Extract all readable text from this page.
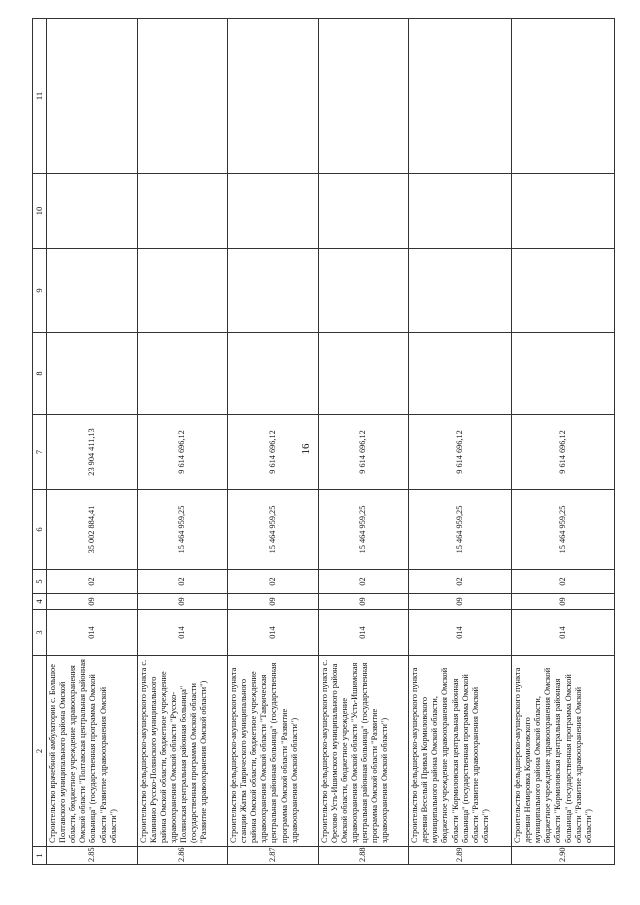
16
1	2	3	4	5	6	7	8	9	10	11
2.85	Строительство врачебной амбулатории с. Большое Полтавского муниципального района Омской области, бюджетное учреждение здравоохранения Омской области "Полтавская центральная районная больница" (государственная программа Омской области "Развитие здравоохранения Омской области")	014	09	02	35 002 884,41	23 904 411,13				
2.86	Строительство фельдшерско-акушерского пункта с. Калинино Русско-Полянского муниципального района Омской области, бюджетное учреждение здравоохранения Омской области "Русско-Полянская центральная районная больница" (государственная программа Омской области "Развитие здравоохранения Омской области")	014	09	02	15 464 959,25	9 614 696,12				
2.87	Строительство фельдшерско-акушерского пункта станции Жатва Таврического муниципального района Омской области, бюджетное учреждение здравоохранения Омской области "Таврическая центральная районная больница" (государственная программа Омской области "Развитие здравоохранения Омской области")	014	09	02	15 464 959,25	9 614 696,12				
2.88	Строительство фельдшерско-акушерского пункта с. Орехово Усть-Ишимского муниципального района Омской области, бюджетное учреждение здравоохранения Омской области "Усть-Ишимская центральная районная больница" (государственная программа Омской области "Развитие здравоохранения Омской области")	014	09	02	15 464 959,25	9 614 696,12				
2.89	Строительство фельдшерско-акушерского пункта деревни Веселый Привал Кормиловского муниципального района Омской области, бюджетное учреждение здравоохранения Омской области "Кормиловская центральная районная больница" (государственная программа Омской области "Развитие здравоохранения Омской области")	014	09	02	15 464 959,25	9 614 696,12				
2.90	Строительство фельдшерско-акушерского пункта деревни Немировка Кормиловского муниципального района Омской области, бюджетное учреждение здравоохранения Омской области "Кормиловская центральная районная больница" (государственная программа Омской области "Развитие здравоохранения Омской области")	014	09	02	15 464 959,25	9 614 696,12				
